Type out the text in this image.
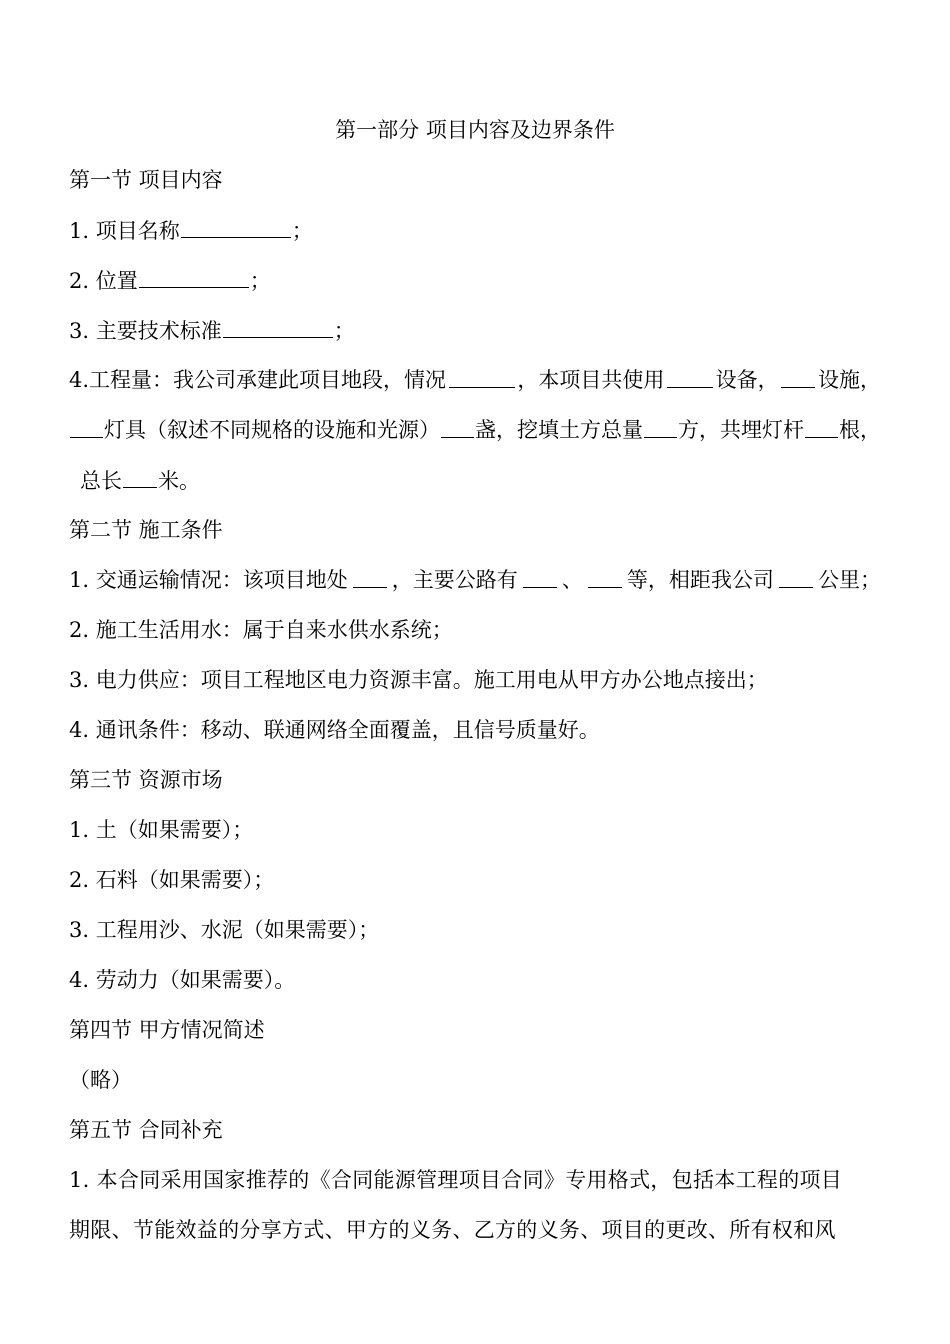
第一部分 项目内容及边界条件
第一节 项目内容
1. 项目名称	；
2. 位置	；
3. 主要技术标准	；
4.工程量：我公司承建此项目地段，情况	，本项目共使用 设备， 设施，
灯具（叙述不同规格的设施和光源） 盏，挖填土方总量 方，共埋灯杆 根，
总长 米。
第二节 施工条件
1. 交通运输情况：该项目地处 ，主要公路有 、 等，相距我公司 公里；
2. 施工生活用水：属于自来水供水系统；
3. 电力供应：项目工程地区电力资源丰富。施工用电从甲方办公地点接出；
4. 通讯条件：移动、联通网络全面覆盖，且信号质量好。
第三节 资源市场
1. 土（如果需要）；
2. 石料（如果需要）；
3. 工程用沙、水泥（如果需要）；
4. 劳动力（如果需要）。
第四节 甲方情况简述
（略）
第五节 合同补充
1. 本合同采用国家推荐的《合同能源管理项目合同》专用格式，包括本工程的项目
期限、节能效益的分享方式、甲方的义务、乙方的义务、项目的更改、所有权和风
